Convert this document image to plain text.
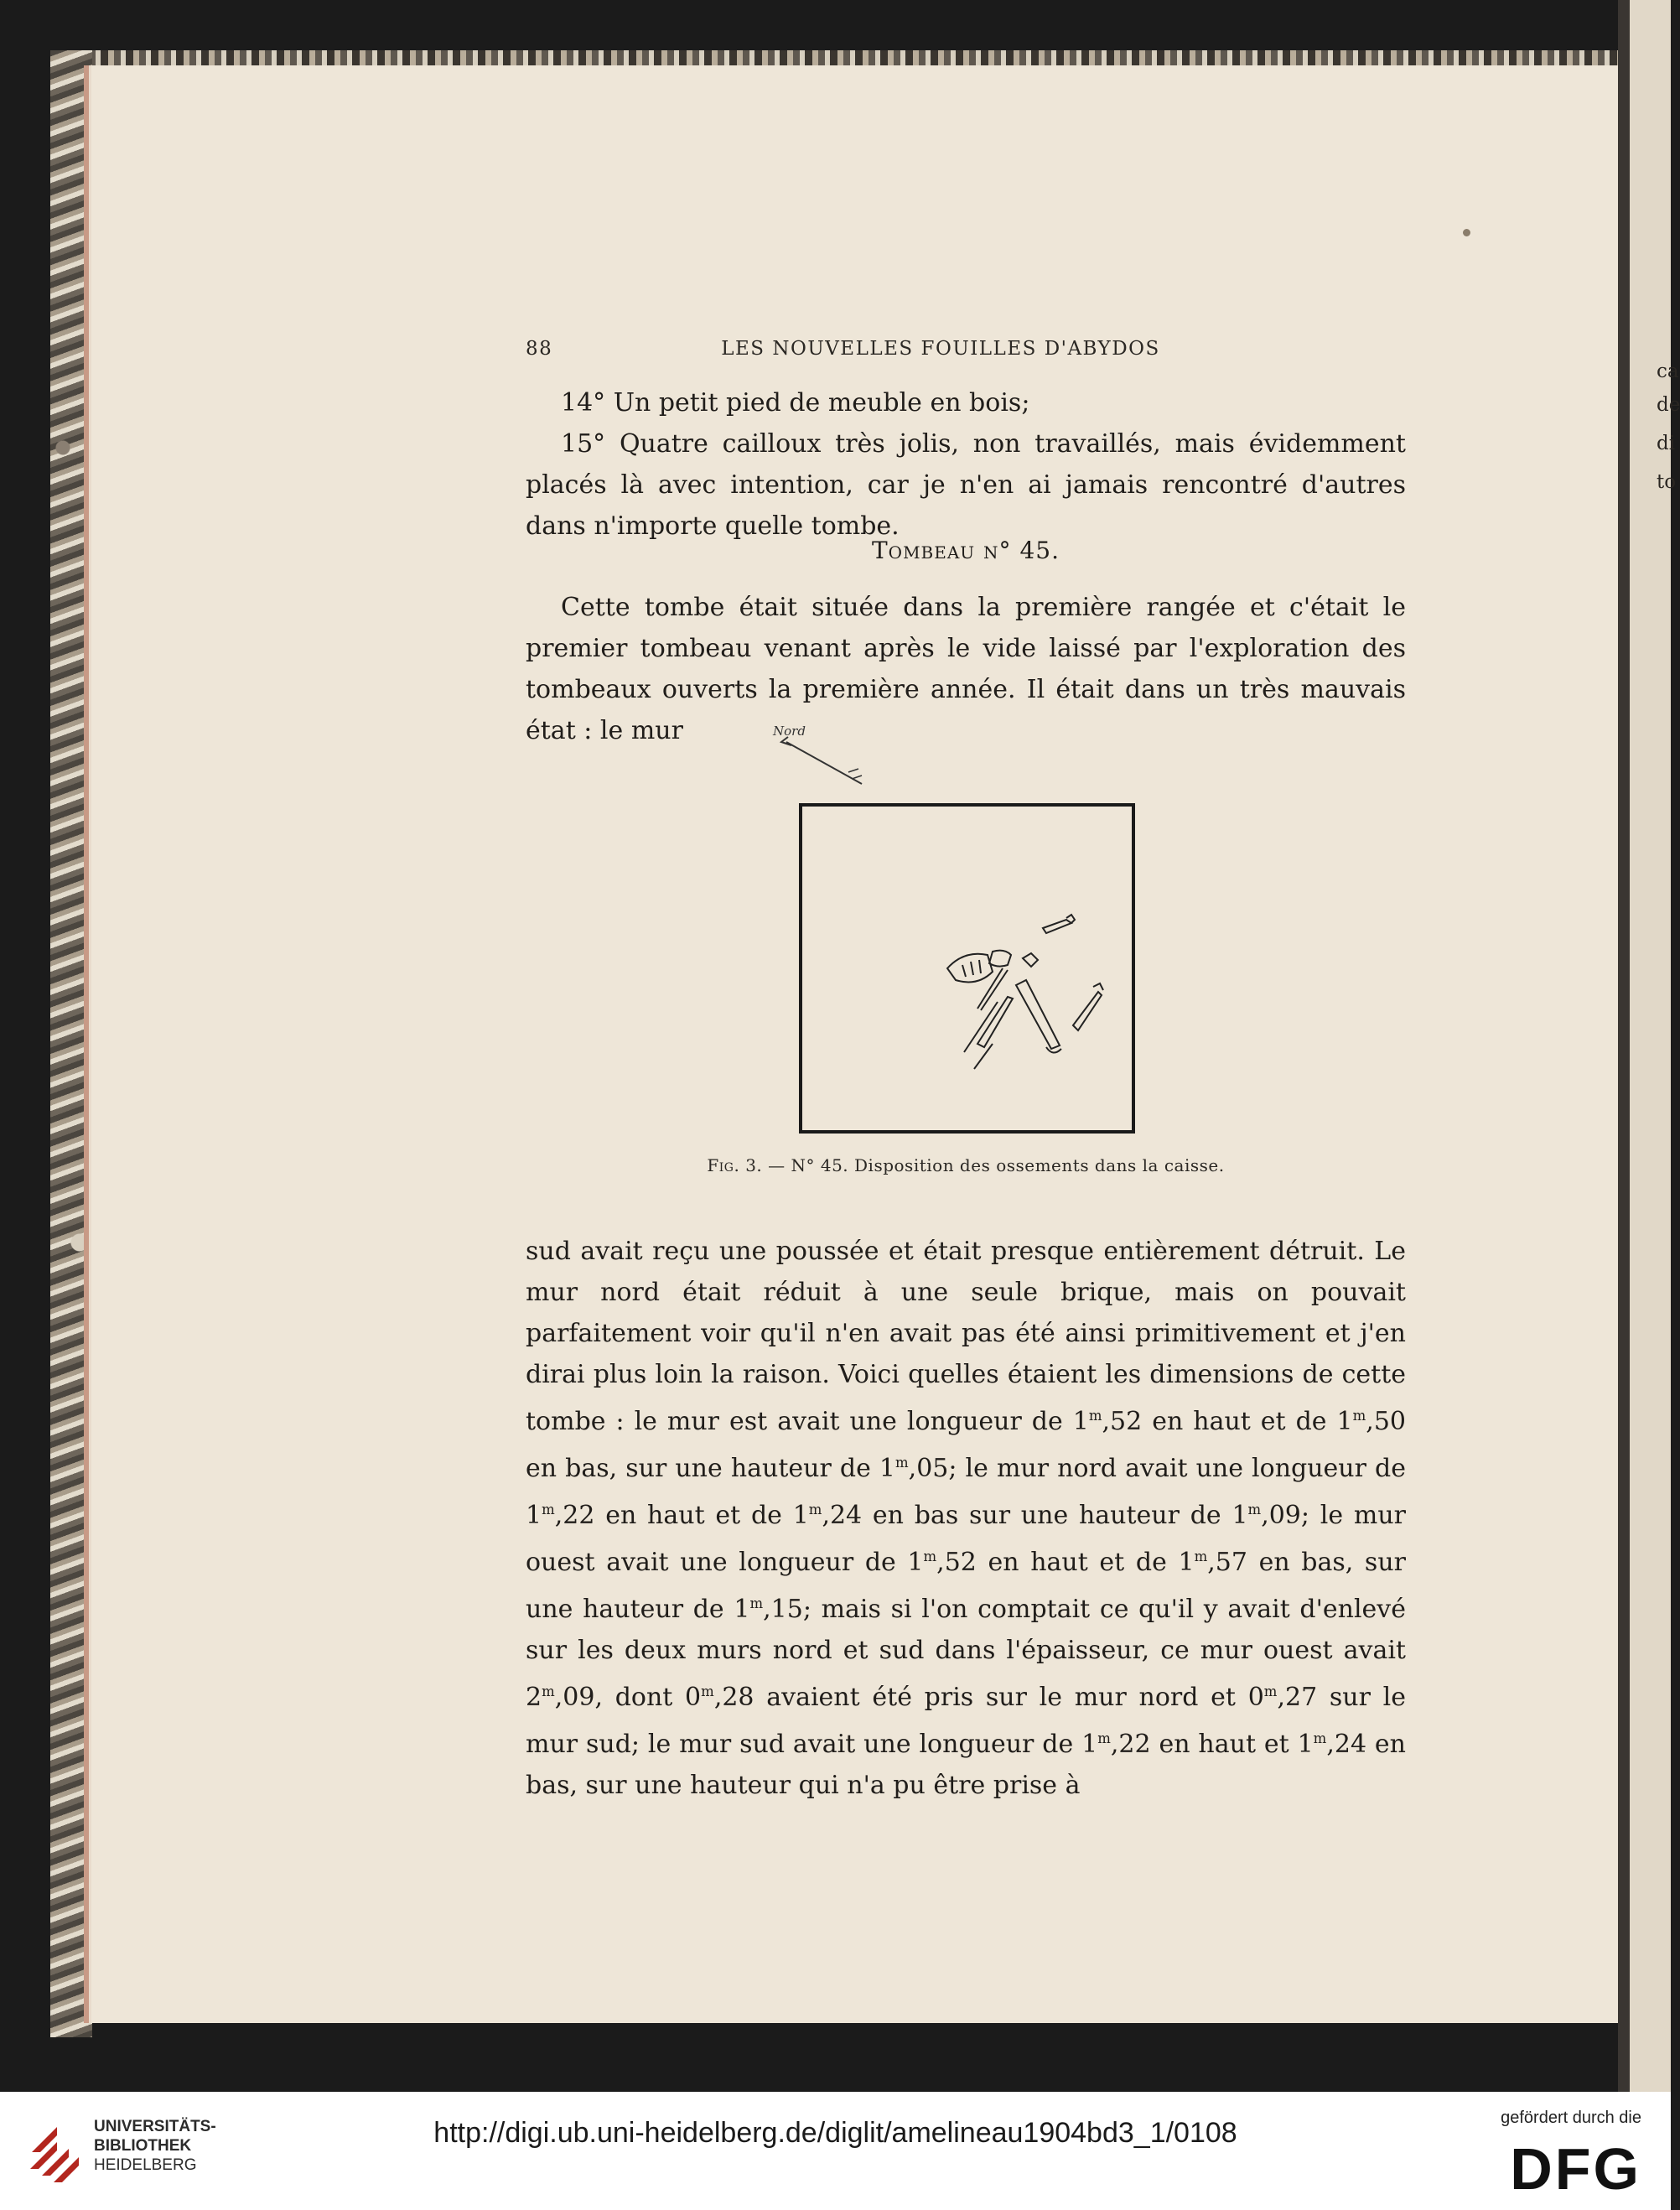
ca
de
di
to
88	LES NOUVELLES FOUILLES D'ABYDOS

14° Un petit pied de meuble en bois;

15° Quatre cailloux très jolis, non travaillés, mais évidemment placés là avec intention, car je n'en ai jamais rencontré d'autres dans n'importe quelle tombe.

Tombeau n° 45.

Cette tombe était située dans la première rangée et c'était le premier tombeau venant après le vide laissé par l'exploration des tombeaux ouverts la première année. Il était dans un très mauvais état : le mur	Nord
Fig. 3. — N° 45. Disposition des ossements dans la caisse.

sud avait reçu une poussée et était presque entièrement détruit. Le mur nord était réduit à une seule brique, mais on pouvait parfaitement voir qu'il n'en avait pas été ainsi primitivement et j'en dirai plus loin la raison. Voici quelles étaient les dimensions de cette tombe : le mur est avait une longueur de 1$^m$,52 en haut et de 1$^m$,50 en bas, sur une hauteur de 1$^m$,05; le mur nord avait une longueur de 1$^m$,22 en haut et de 1$^m$,24 en bas sur une hauteur de 1$^m$,09; le mur ouest avait une longueur de 1$^m$,52 en haut et de 1$^m$,57 en bas, sur une hauteur de 1$^m$,15; mais si l'on comptait ce qu'il y avait d'enlevé sur les deux murs nord et sud dans l'épaisseur, ce mur ouest avait 2$^m$,09, dont 0$^m$,28 avaient été pris sur le mur nord et 0$^m$,27 sur le mur sud; le mur sud avait une longueur de 1$^m$,22 en haut et 1$^m$,24 en bas, sur une hauteur qui n'a pu être prise à

UNIVERSITÄTS-
BIBLIOTHEK
HEIDELBERG
http://digi.ub.uni-heidelberg.de/diglit/amelineau1904bd3_1/0108	gefördert durch die
DFG
